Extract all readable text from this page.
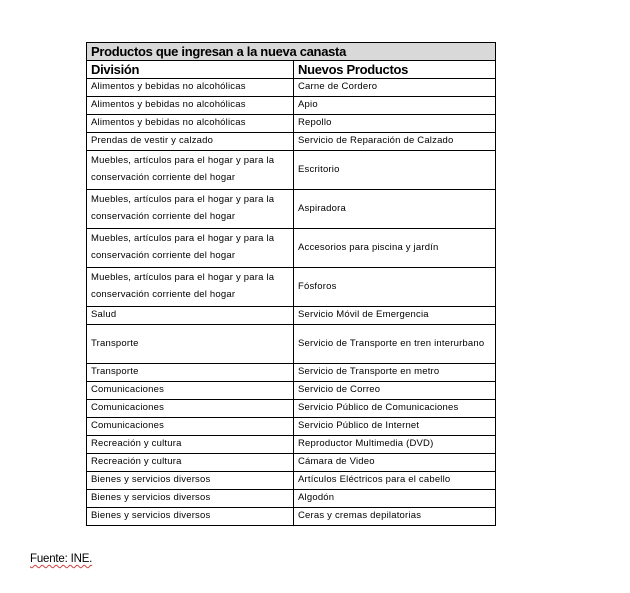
Productos que ingresan a la nueva canasta	
División	Nuevos Productos
Alimentos y bebidas no alcohólicas	Carne de Cordero
Alimentos y bebidas no alcohólicas	Apio
Alimentos y bebidas no alcohólicas	Repollo
Prendas de vestir y calzado	Servicio de Reparación de Calzado
Muebles, artículos para el hogar y para la conservación corriente del hogar	Escritorio
Muebles, artículos para el hogar y para la conservación corriente del hogar	Aspiradora
Muebles, artículos para el hogar y para la conservación corriente del hogar	Accesorios para piscina y jardín
Muebles, artículos para el hogar y para la conservación corriente del hogar	Fósforos
Salud	Servicio Móvil de Emergencia
Transporte	Servicio de Transporte en tren interurbano
Transporte	Servicio de Transporte en metro
Comunicaciones	Servicio de Correo
Comunicaciones	Servicio Público de Comunicaciones
Comunicaciones	Servicio Público de Internet
Recreación y cultura	Reproductor Multimedia (DVD)
Recreación y cultura	Cámara de Video
Bienes y servicios diversos	Artículos Eléctricos para el cabello
Bienes y servicios diversos	Algodón
Bienes y servicios diversos	Ceras y cremas depilatorias
Fuente: INE.
